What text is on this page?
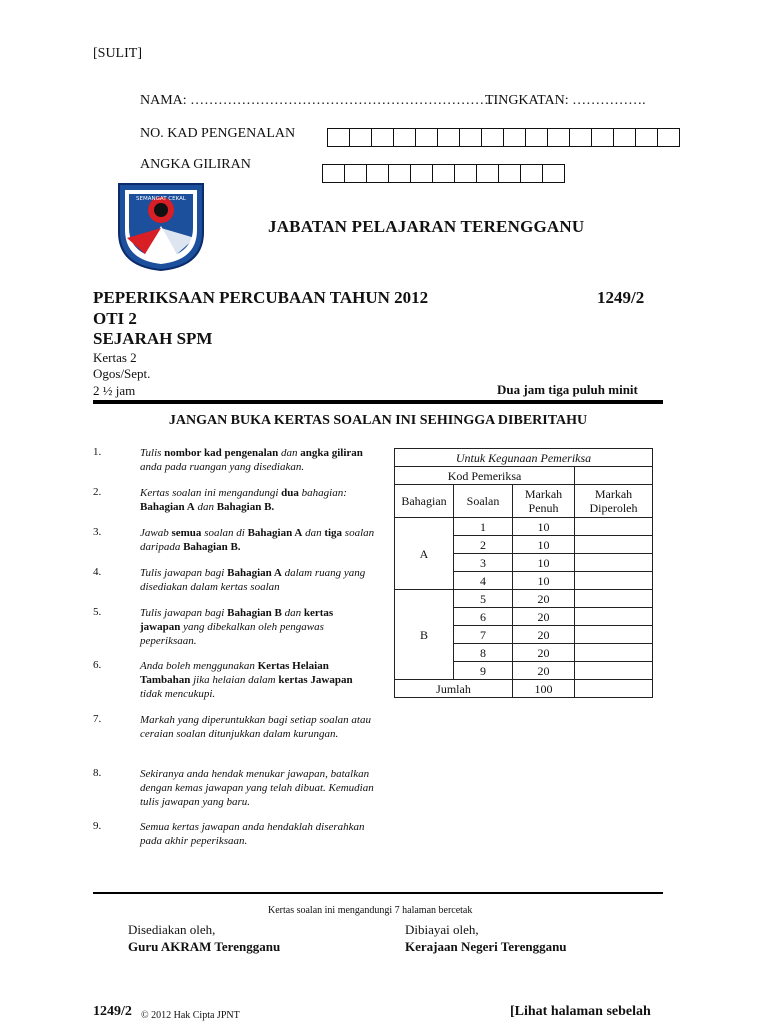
[SULIT]
NAMA: ………………………………………………………….
TINGKATAN: …………….
NO. KAD PENGENALAN
ANGKA GILIRAN
SEMANGAT CEKAL
JABATAN PELAJARAN TERENGGANU
PEPERIKSAAN PERCUBAAN TAHUN 2012	1249/2
OTI 2
SEJARAH SPM
Kertas 2
Ogos/Sept.
2 ½ jam	Dua jam tiga puluh minit
JANGAN BUKA KERTAS SOALAN INI SEHINGGA DIBERITAHU
1.	Tulis nombor kad pengenalan dan angka giliran anda pada ruangan yang disediakan.
2.	Kertas soalan ini mengandungi dua bahagian: Bahagian A dan Bahagian B.
3.	Jawab semua soalan di Bahagian A dan tiga soalan daripada Bahagian B.
4.	Tulis jawapan bagi Bahagian A dalam ruang yang disediakan dalam kertas soalan
5.	Tulis jawapan bagi Bahagian B dan kertas jawapan yang dibekalkan oleh pengawas peperiksaan.
6.	Anda boleh menggunakan Kertas Helaian Tambahan jika helaian dalam kertas Jawapan tidak mencukupi.
7.	Markah yang diperuntukkan bagi setiap soalan atau ceraian soalan ditunjukkan dalam kurungan.
8.	Sekiranya anda hendak menukar jawapan, batalkan dengan kemas jawapan yang telah dibuat. Kemudian tulis jawapan yang baru.
9.	Semua kertas jawapan anda hendaklah diserahkan pada akhir peperiksaan.
Untuk Kegunaan Pemeriksa			
Kod Pemeriksa			
Bahagian	Soalan	Markah Penuh	Markah Diperoleh
A	1	10	
	2	10	
	3	10	
	4	10	
B	5	20	
	6	20	
	7	20	
	8	20	
	9	20	
Jumlah		100	
Kertas soalan ini mengandungi 7 halaman bercetak
Disediakan oleh,
Guru AKRAM Terengganu
Dibiayai oleh,
Kerajaan Negeri Terengganu
1249/2 © 2012 Hak Cipta JPNT	[Lihat halaman sebelah
